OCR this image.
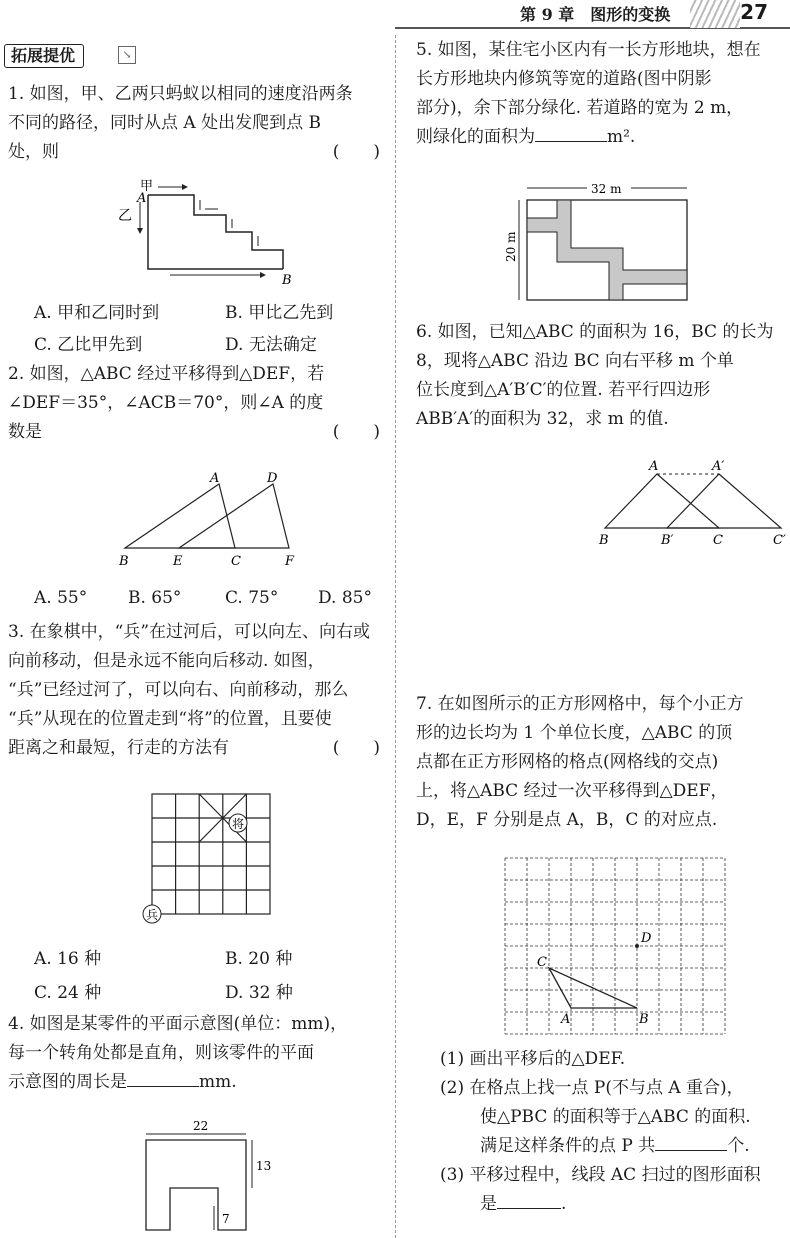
第 9 章　图形的变换	27
拓展提优	↘

1. 如图，甲、乙两只蚂蚁以相同的速度沿两条

不同的路径，同时从点 A 处出发爬到点 B

处，则	(　　)

甲
乙
A
B
A. 甲和乙同时到	B. 甲比乙先到
C. 乙比甲先到	D. 无法确定

2. 如图，△ABC 经过平移得到△DEF，若

∠DEF＝35°，∠ACB＝70°，则∠A 的度

数是	(　　)

A	D
B	E	C	F
A. 55° B. 65°	C. 75° D. 85°

3. 在象棋中，“兵”在过河后，可以向左、向右或

向前移动，但是永远不能向后移动. 如图，

“兵”已经过河了，可以向右、向前移动，那么

“兵”从现在的位置走到“将”的位置，且要使

距离之和最短，行走的方法有	(　　)

将
兵
A. 16 种	B. 20 种
C. 24 种	D. 32 种

4. 如图是某零件的平面示意图(单位：mm)，

每一个转角处都是直角，则该零件的平面

示意图的周长是	mm.

22
13
7

5. 如图，某住宅小区内有一长方形地块，想在

长方形地块内修筑等宽的道路(图中阴影

部分)，余下部分绿化. 若道路的宽为 2 m，

则绿化的面积为	m².

32 m
20 m

6. 如图，已知△ABC 的面积为 16，BC 的长为

8，现将△ABC 沿边 BC 向右平移 m 个单

位长度到△A′B′C′的位置. 若平行四边形

ABB′A′的面积为 32，求 m 的值.

A	A′
B	B′	C	C′

7. 在如图所示的正方形网格中，每个小正方

形的边长均为 1 个单位长度，△ABC 的顶

点都在正方形网格的格点(网格线的交点)

上，将△ABC 经过一次平移得到△DEF，

D，E，F 分别是点 A，B，C 的对应点.

D
C
A	B

(1) 画出平移后的△DEF.

(2) 在格点上找一点 P(不与点 A 重合)，

使△PBC 的面积等于△ABC 的面积.

满足这样条件的点 P 共	个.

(3) 平移过程中，线段 AC 扫过的图形面积

是	.
